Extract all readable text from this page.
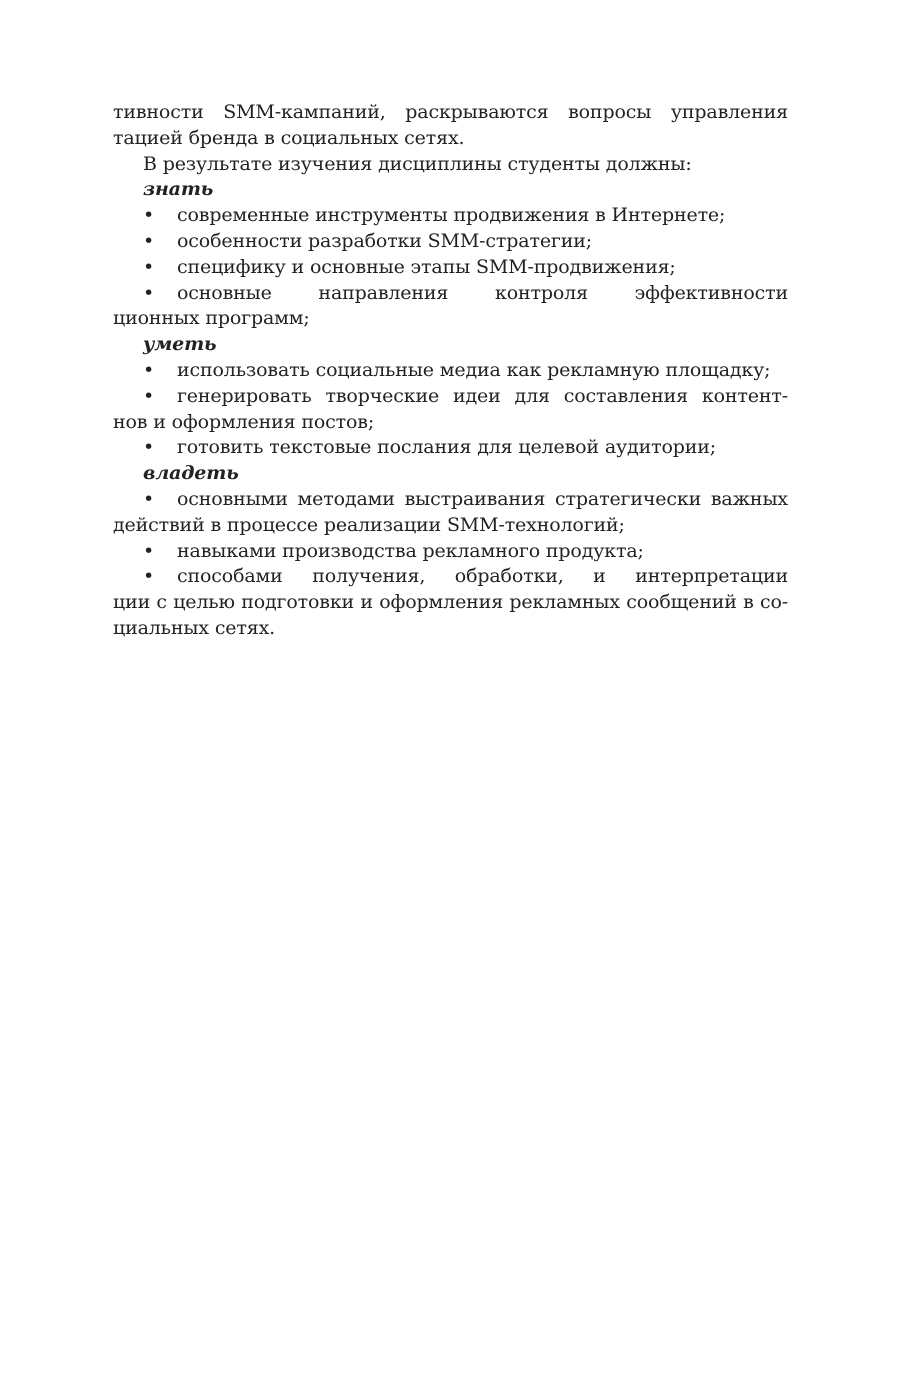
тивности SMM-кампаний, раскрываются вопросы управления
тацией бренда в социальных сетях.
В результате изучения дисциплины студенты должны:
знать
•	современные инструменты продвижения в Интернете;
•	особенности разработки SMM-стратегии;
•	специфику и основные этапы SMM-продвижения;
•	основные направления контроля эффективности
ционных программ;
уметь
•	использовать социальные медиа как рекламную площадку;
•	генерировать творческие идеи для составления контент-
нов и оформления постов;
•	готовить текстовые послания для целевой аудитории;
владеть
•	основными методами выстраивания стратегически важных
действий в процессе реализации SMM-технологий;
•	навыками производства рекламного продукта;
•	способами получения, обработки, и интерпретации
ции с целью подготовки и оформления рекламных сообщений в со-
циальных сетях.
